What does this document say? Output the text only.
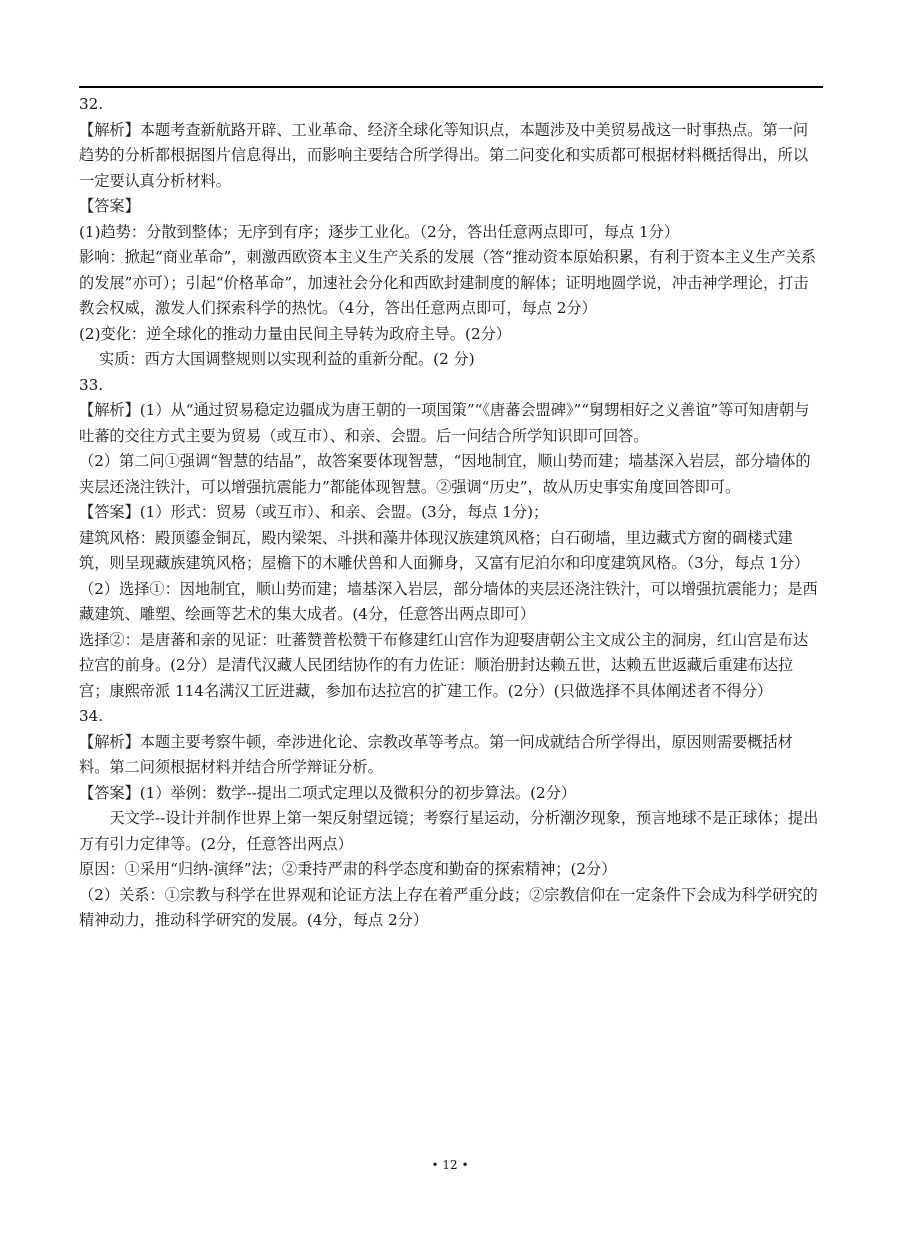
32.

【解析】本题考查新航路开辟、工业革命、经济全球化等知识点，本题涉及中美贸易战这一时事热点。第一问趋势的分析都根据图片信息得出，而影响主要结合所学得出。第二问变化和实质都可根据材料概括得出，所以一定要认真分析材料。

【答案】

(1)趋势：分散到整体；无序到有序；逐步工业化。（2分，答出任意两点即可，每点 1分）

影响：掀起“商业革命”，刺激西欧资本主义生产关系的发展（答“推动资本原始积累，有利于资本主义生产关系的发展”亦可）；引起“价格革命”，加速社会分化和西欧封建制度的解体；证明地圆学说，冲击神学理论，打击教会权威，激发人们探索科学的热忱。（4分，答出任意两点即可，每点 2分）

(2)变化：逆全球化的推动力量由民间主导转为政府主导。(2分）

　 实质：西方大国调整规则以实现利益的重新分配。(2 分)

33.

【解析】(1）从“通过贸易稳定边疆成为唐王朝的一项国策”“《唐蕃会盟碑》”“舅甥相好之义善谊”等可知唐朝与吐蕃的交往方式主要为贸易（或互市）、和亲、会盟。后一问结合所学知识即可回答。

（2）第二问①强调“智慧的结晶”，故答案要体现智慧，“因地制宜，顺山势而建；墙基深入岩层，部分墙体的夹层还浇注铁汁，可以增强抗震能力”都能体现智慧。②强调“历史”，故从历史事实角度回答即可。

【答案】(1）形式：贸易（或互市）、和亲、会盟。(3分，每点 1分)；

建筑风格：殿顶鎏金铜瓦，殿内梁架、斗拱和藻井体现汉族建筑风格；白石砌墙，里边藏式方窗的碉楼式建筑，则呈现藏族建筑风格；屋檐下的木雕伏兽和人面狮身，又富有尼泊尔和印度建筑风格。（3分，每点 1分）

（2）选择①：因地制宜，顺山势而建；墙基深入岩层，部分墙体的夹层还浇注铁汁，可以增强抗震能力；是西藏建筑、雕塑、绘画等艺术的集大成者。(4分，任意答出两点即可）

选择②：是唐蕃和亲的见证：吐蕃赞普松赞干布修建红山宫作为迎娶唐朝公主文成公主的洞房，红山宫是布达拉宫的前身。(2分）是清代汉藏人民团结协作的有力佐证：顺治册封达赖五世，达赖五世返藏后重建布达拉宫；康熙帝派 114名满汉工匠进藏，参加布达拉宫的扩建工作。(2分）(只做选择不具体阐述者不得分）

34.

【解析】本题主要考察牛顿，牵涉进化论、宗教改革等考点。第一问成就结合所学得出，原因则需要概括材料。第二问须根据材料并结合所学辩证分析。

【答案】(1）举例：数学--提出二项式定理以及微积分的初步算法。(2分）

　　天文学--设计并制作世界上第一架反射望远镜；考察行星运动，分析潮汐现象，预言地球不是正球体；提出万有引力定律等。(2分，任意答出两点）

原因：①采用“归纳-演绎”法；②秉持严肃的科学态度和勤奋的探索精神；(2分）

（2）关系：①宗教与科学在世界观和论证方法上存在着严重分歧；②宗教信仰在一定条件下会成为科学研究的精神动力，推动科学研究的发展。(4分，每点 2分）

• 12 •
